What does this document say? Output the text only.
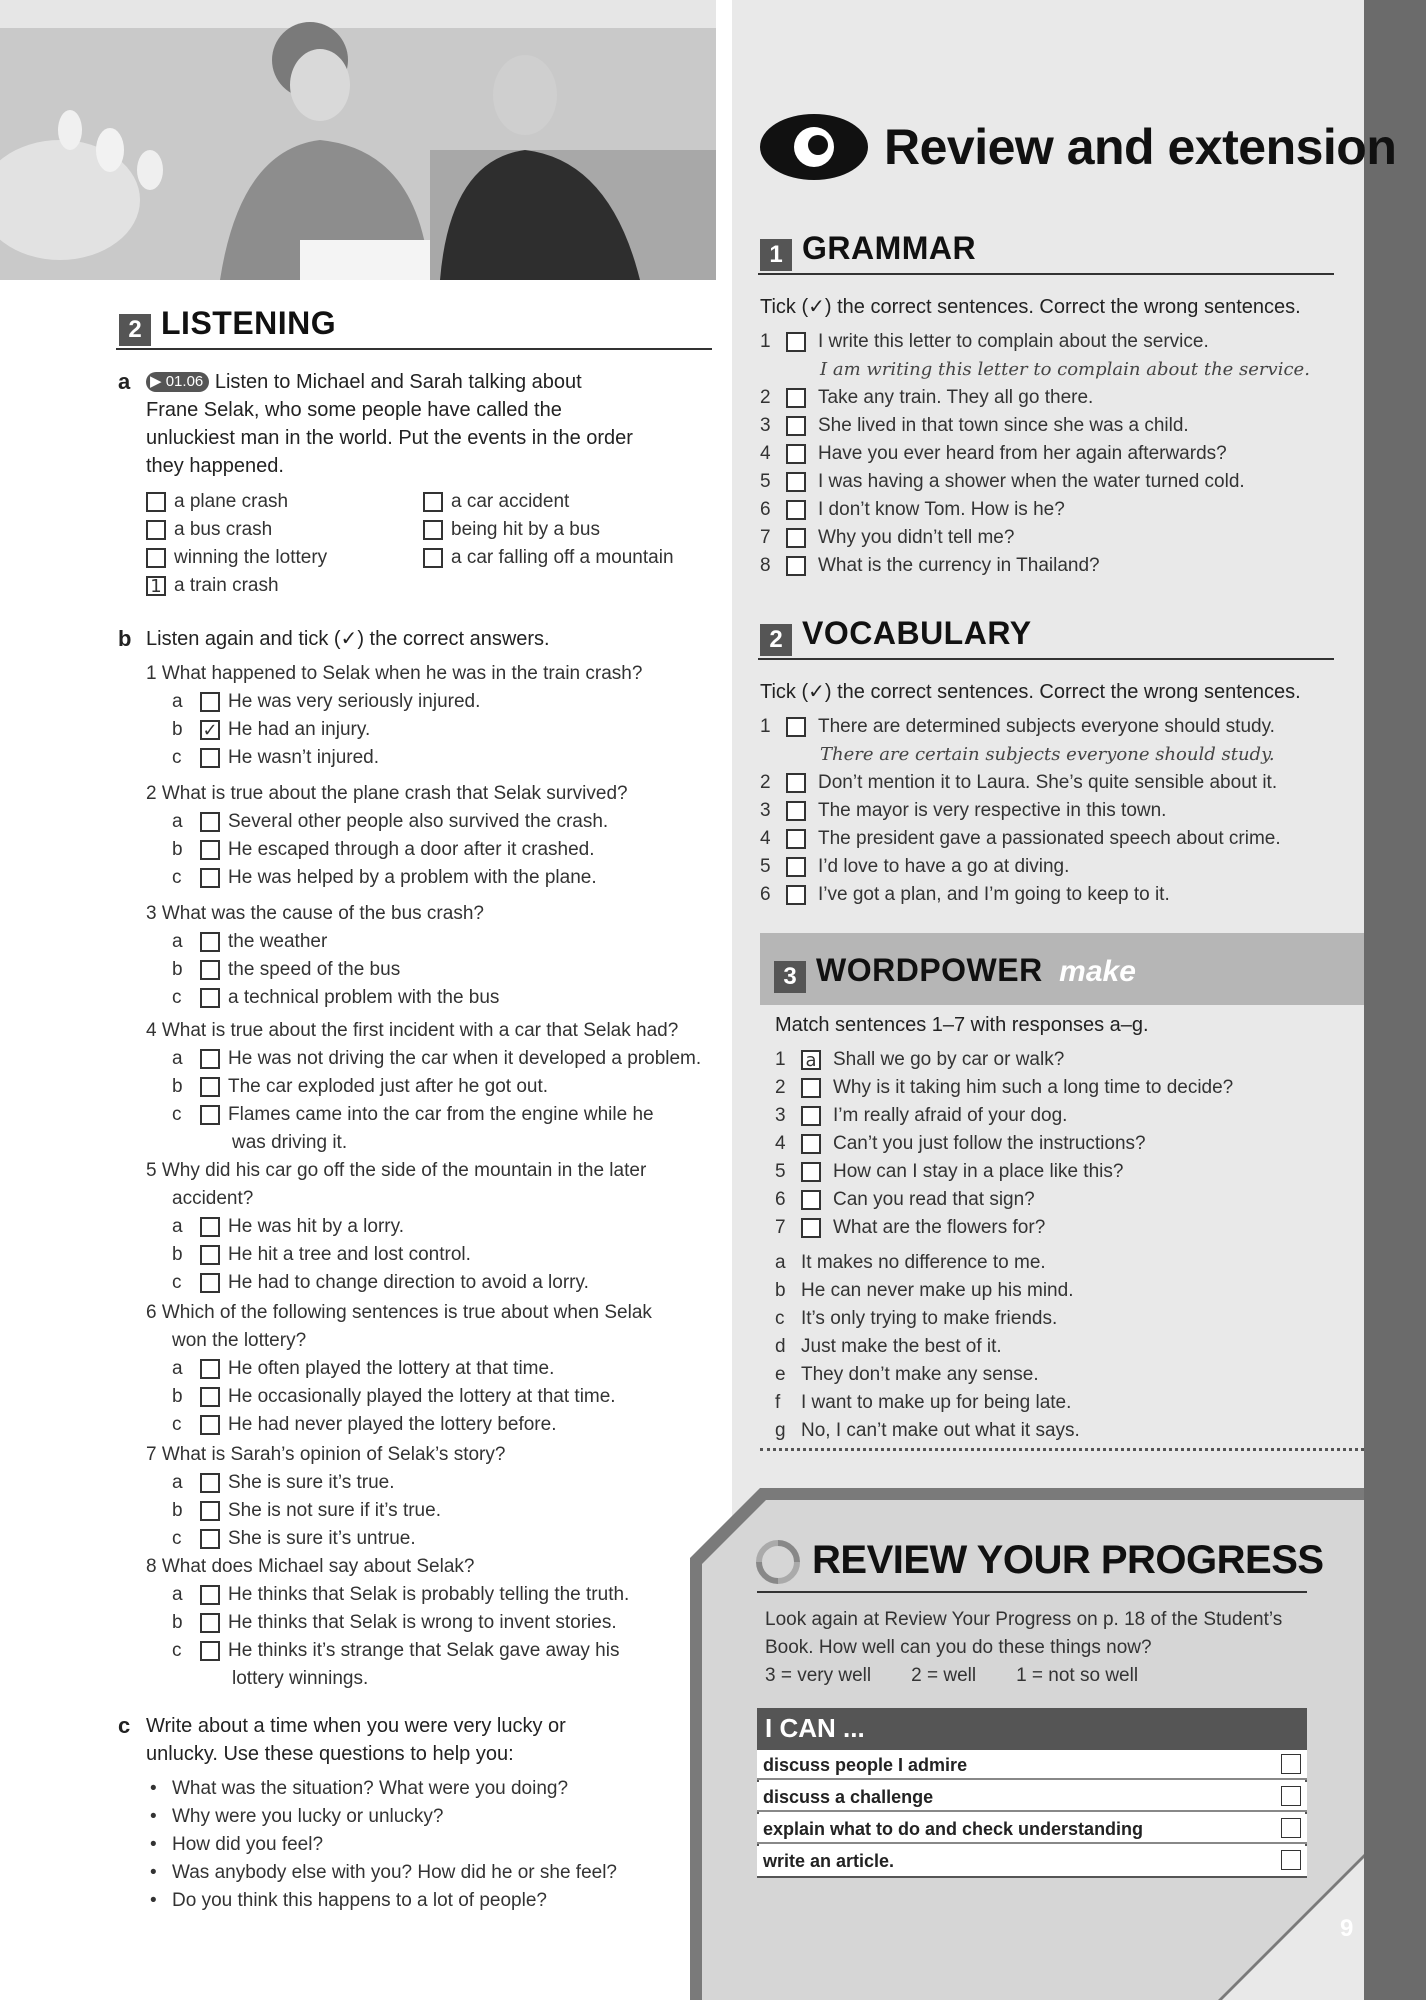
2 LISTENING
a ▶ 01.06 Listen to Michael and Sarah talking about
Frane Selak, who some people have called the
unluckiest man in the world. Put the events in the order
they happened.
a plane crash
a bus crash
winning the lottery
1 a train crash
a car accident
being hit by a bus
a car falling off a mountain
b Listen again and tick (✓) the correct answers.
1 What happened to Selak when he was in the train crash?
a He was very seriously injured.
b ✓ He had an injury.
c He wasn’t injured.
2 What is true about the plane crash that Selak survived?
a Several other people also survived the crash.
b He escaped through a door after it crashed.
c He was helped by a problem with the plane.
3 What was the cause of the bus crash?
a the weather
b the speed of the bus
c a technical problem with the bus
4 What is true about the first incident with a car that Selak had?
a He was not driving the car when it developed a problem.
b The car exploded just after he got out.
c Flames came into the car from the engine while he
was driving it.
5 Why did his car go off the side of the mountain in the later
accident?
a He was hit by a lorry.
b He hit a tree and lost control.
c He had to change direction to avoid a lorry.
6 Which of the following sentences is true about when Selak
won the lottery?
a He often played the lottery at that time.
b He occasionally played the lottery at that time.
c He had never played the lottery before.
7 What is Sarah’s opinion of Selak’s story?
a She is sure it’s true.
b She is not sure if it’s true.
c She is sure it’s untrue.
8 What does Michael say about Selak?
a He thinks that Selak is probably telling the truth.
b He thinks that Selak is wrong to invent stories.
c He thinks it’s strange that Selak gave away his
lottery winnings.
c Write about a time when you were very lucky or
unlucky. Use these questions to help you:
• What was the situation? What were you doing?
• Why were you lucky or unlucky?
• How did you feel?
• Was anybody else with you? How did he or she feel?
• Do you think this happens to a lot of people?
Review and extension
1 GRAMMAR
Tick (✓) the correct sentences. Correct the wrong sentences.
1 I write this letter to complain about the service.
I am writing this letter to complain about the service.
2 Take any train. They all go there.
3 She lived in that town since she was a child.
4 Have you ever heard from her again afterwards?
5 I was having a shower when the water turned cold.
6 I don’t know Tom. How is he?
7 Why you didn’t tell me?
8 What is the currency in Thailand?
2 VOCABULARY
Tick (✓) the correct sentences. Correct the wrong sentences.
1 There are determined subjects everyone should study.
There are certain subjects everyone should study.
2 Don’t mention it to Laura. She’s quite sensible about it.
3 The mayor is very respective in this town.
4 The president gave a passionated speech about crime.
5 I’d love to have a go at diving.
6 I’ve got a plan, and I’m going to keep to it.
3 WORDPOWER make
Match sentences 1–7 with responses a–g.
1 a Shall we go by car or walk?
2 Why is it taking him such a long time to decide?
3 I’m really afraid of your dog.
4 Can’t you just follow the instructions?
5 How can I stay in a place like this?
6 Can you read that sign?
7 What are the flowers for?
a It makes no difference to me.
b He can never make up his mind.
c It’s only trying to make friends.
d Just make the best of it.
e They don’t make any sense.
f I want to make up for being late.
g No, I can’t make out what it says.
REVIEW YOUR PROGRESS
Look again at Review Your Progress on p. 18 of the Student’s
Book. How well can you do these things now?
3 = very well 2 = well 1 = not so well
I CAN ...
discuss people I admire
discuss a challenge
explain what to do and check understanding
write an article.
9
